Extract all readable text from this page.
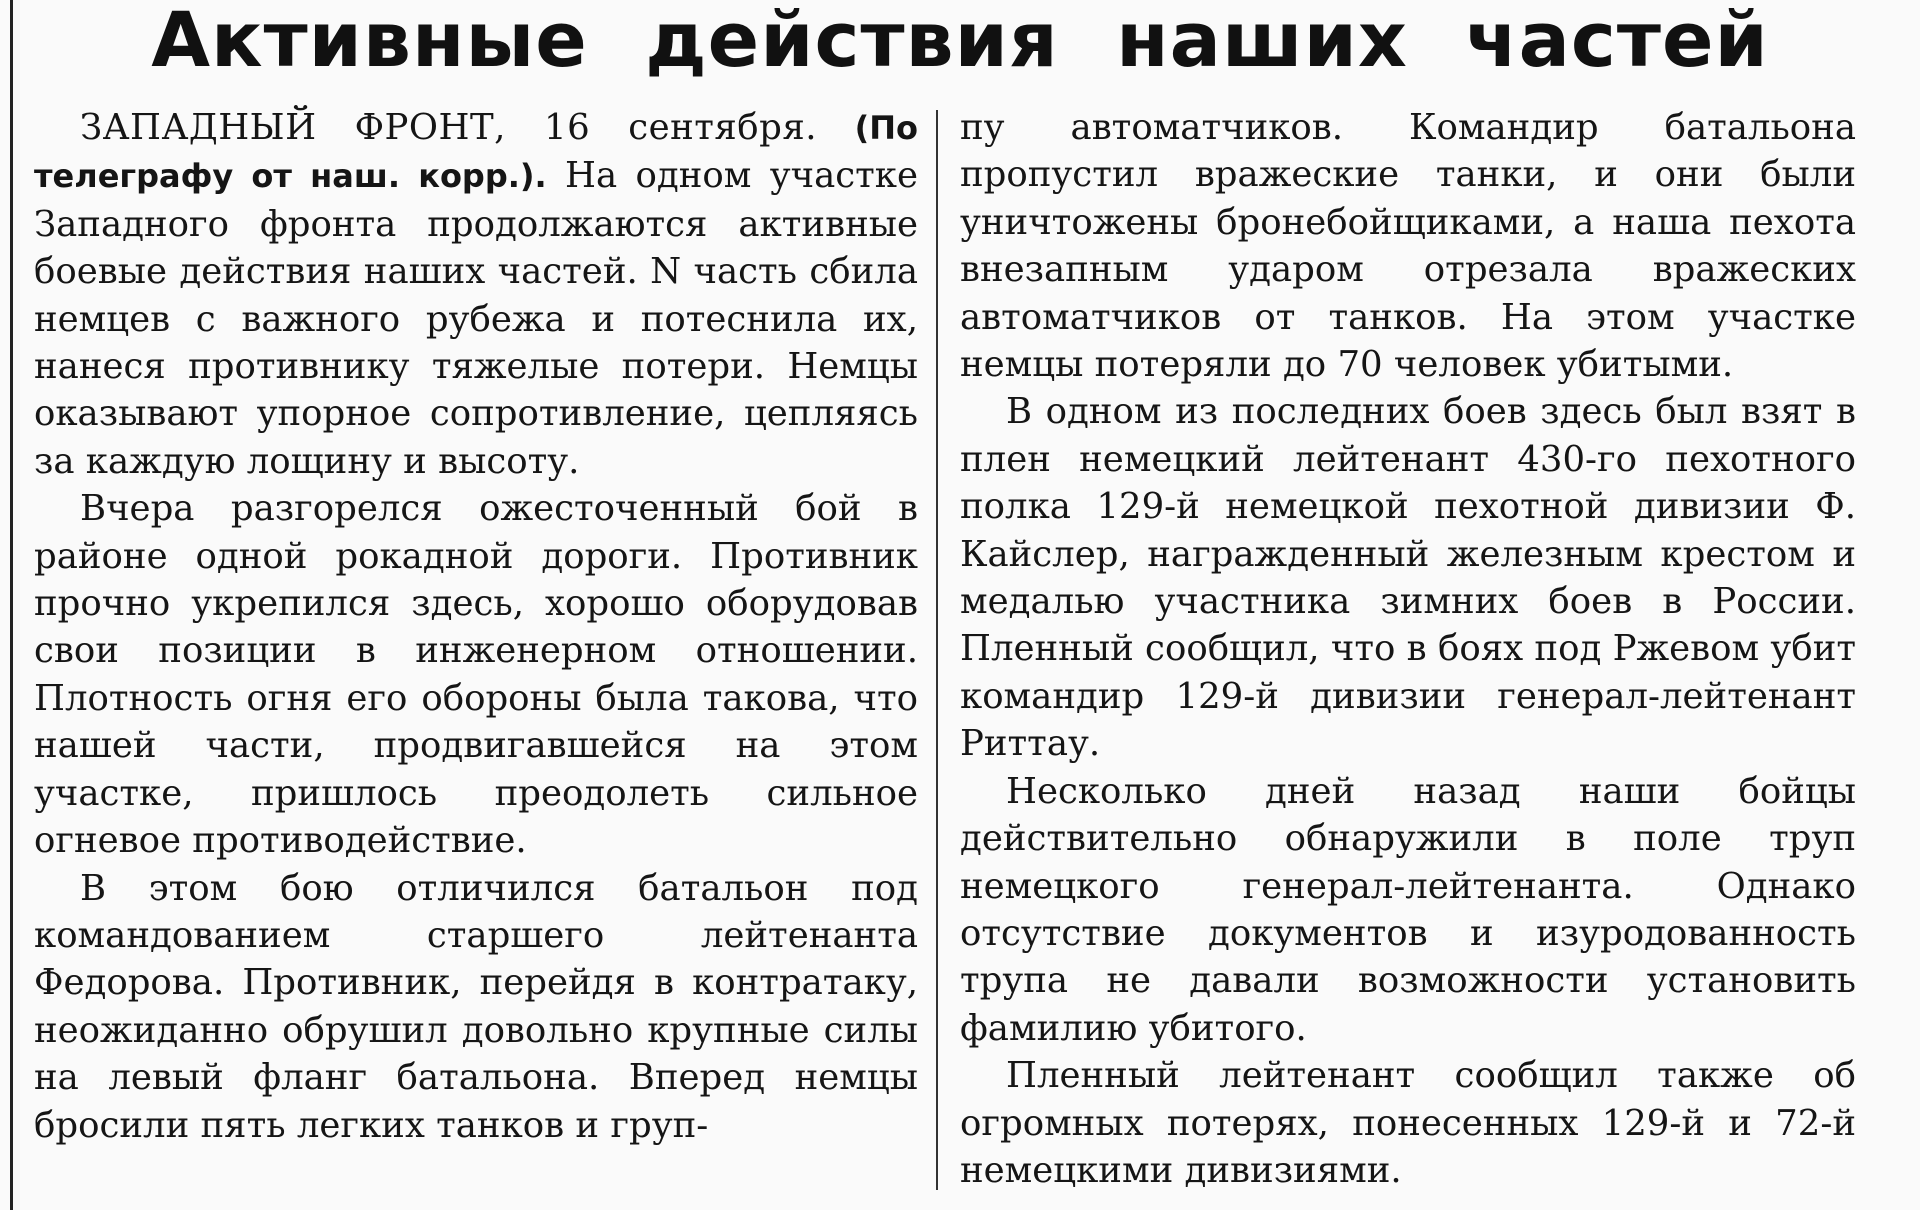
Активные действия наших частей

ЗАПАДНЫЙ ФРОНТ, 16 сентября. (По телеграфу от наш. корр.). На одном участке Западного фронта продолжаются активные боевые действия наших частей. N часть сбила немцев с важного рубежа и потеснила их, нанеся противнику тяжелые потери. Немцы оказывают упорное сопротивление, цепляясь за каждую лощину и высоту.

Вчера разгорелся ожесточенный бой в районе одной рокадной дороги. Противник прочно укрепился здесь, хорошо оборудовав свои позиции в инженерном отношении. Плотность огня его обороны была такова, что нашей части, продвигавшейся на этом участке, пришлось преодолеть сильное огневое противодействие.

В этом бою отличился батальон под командованием старшего лейтенанта Федорова. Противник, перейдя в контратаку, неожиданно обрушил довольно крупные силы на левый фланг батальона. Вперед немцы бросили пять легких танков и груп-

пу автоматчиков. Командир батальона пропустил вражеские танки, и они были уничтожены бронебойщиками, а наша пехота внезапным ударом отрезала вражеских автоматчиков от танков. На этом участке немцы потеряли до 70 человек убитыми.

В одном из последних боев здесь был взят в плен немецкий лейтенант 430-го пехотного полка 129-й немецкой пехотной дивизии Ф. Кайслер, награжденный железным крестом и медалью участника зимних боев в России. Пленный сообщил, что в боях под Ржевом убит командир 129-й дивизии генерал-лейтенант Риттау.

Несколько дней назад наши бойцы действительно обнаружили в поле труп немецкого генерал-лейтенанта. Однако отсутствие документов и изуродованность трупа не давали возможности установить фамилию убитого.

Пленный лейтенант сообщил также об огромных потерях, понесенных 129-й и 72-й немецкими дивизиями.
